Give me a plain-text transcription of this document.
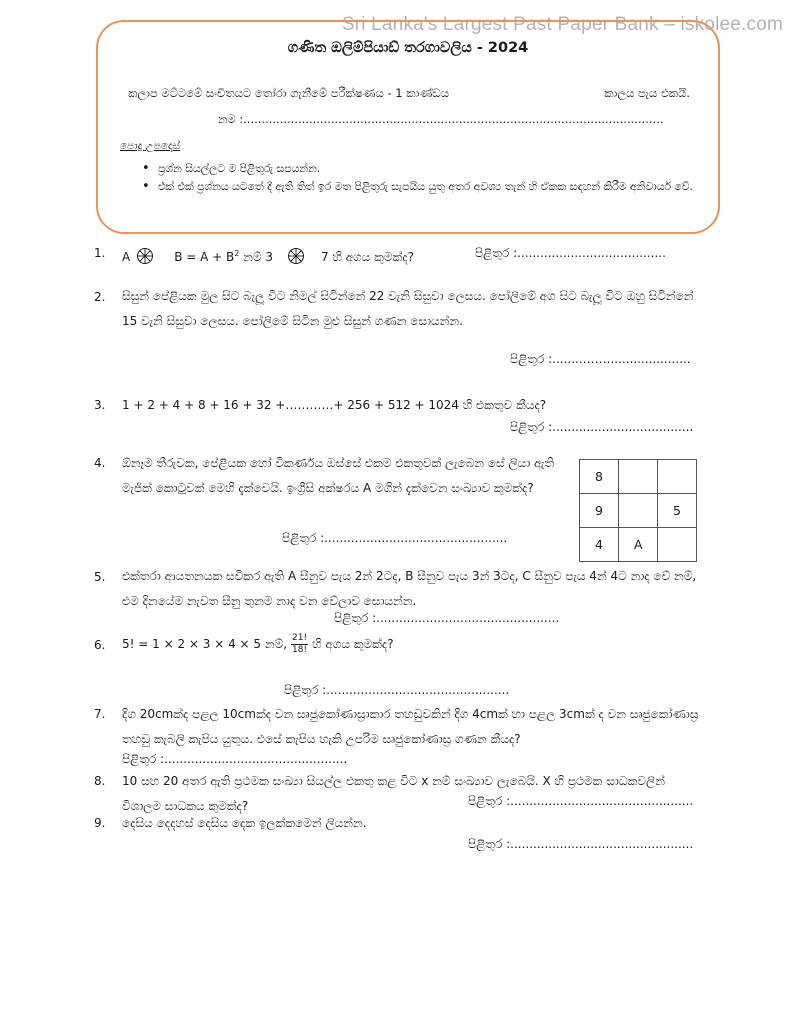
Sri Lanka's Largest Past Paper Bank – iskolee.com
ගණිත ඔලිම්පියාඩ් තරගාවලිය - 2024
කලාප මට්ටමේ සංචිතයට තෝරා ගැනීමේ පරීක්ෂණය - 1 කාණ්ඩය	කාලය පැය එකයි.
නම :...................................................................................................................
පොදු උපදෙස්
• ප්‍රශ්න සියල්ලට ම පිළිතුරු සපයන්න.
• එක් එක් ප්‍රශ්නය යටතේ දී ඇති තිත් ඉර මත පිළිතුරු සැපයිය යුතු අතර අවශ්‍ය තැන් හි ඒකක සඳහන් කිරීම අනිවාර්ය වේ.
1. A	$B = A + B^2$ නම් 3	7 හි අගය කුමක්ද?	පිළිතුර :.......................................
2. සිසුන් පේළියක මුල සිට බැලූ විට නිමල් සිටින්නේ 22 වැනි සිසුවා ලෙසය. පෝලිමේ අග සිට බැලූ විට ඔහු සිටින්නේ 15 වැනි සිසුවා ලෙසය. පෝලිමේ සිටින මුළු සිසුන් ගණන සොයන්න.
පිළිතුර :........……......................
3. 1 + 2 + 4 + 8 + 16 + 32 +…………+ 256 + 512 + 1024 හි එකතුව කීයද?
පිළිතුර :.....................................
4. ඕනෑම තීරුවක, පේළියක හෝ විකර්ණය ඔස්සේ එකම එකතුවක් ලැබෙන සේ ලියා ඇති මැජික් කොටුවක් මෙහි දැක්වෙයි. ඉංග්‍රීසි අක්ෂරය A මගින් දැක්වෙන සංඛ්‍යාව කුමක්ද?
පිළිතුර :................................................
8		
9		5
4	A	
5. එක්තරා ආයතනයක සවිකර ඇති A සීනුව පැය 2න් 2ටද, B සීනුව පැය 3න් 3ටද, C සීනුව පැය 4න් 4ට නාද වේ නම්, එම දිනයේම නැවත සීනු තුනම නාද වන වේලාව සොයන්න.
පිළිතුර :................................................
6. 5! = 1 × 2 × 3 × 4 × 5 නම්, $\frac{21!}{18!}$ හි අගය කුමක්ද?
පිළිතුර :................................................
7. දිග 20cmක්ද පළල 10cmක්ද වන සෘජුකෝණාස්‍රාකාර තහඩුවකින් දිග 4cmක් හා පළල 3cmක් ද වන සෘජුකෝණාස්‍ර තහඩු කැබලි කැපිය යුතුය. එසේ කැපිය හැකි උපරිම සෘජුකෝණාස්‍ර ගණන කීයද?
පිළිතුර :................................................
8. 10 සහ 20 අතර ඇති ප්‍රථමක සංඛ්‍යා සියල්ල එකතු කළ විට x නම් සංඛ්‍යාව ලැබෙයි. X හි ප්‍රථමක සාධකවලින් විශාලම සාධකය කුමක්ද?	පිළිතුර :................................................
9. දෙසිය දෙදහස් දෙසිය දෙක ඉලක්කමෙන් ලියන්න.
පිළිතුර :................................................
